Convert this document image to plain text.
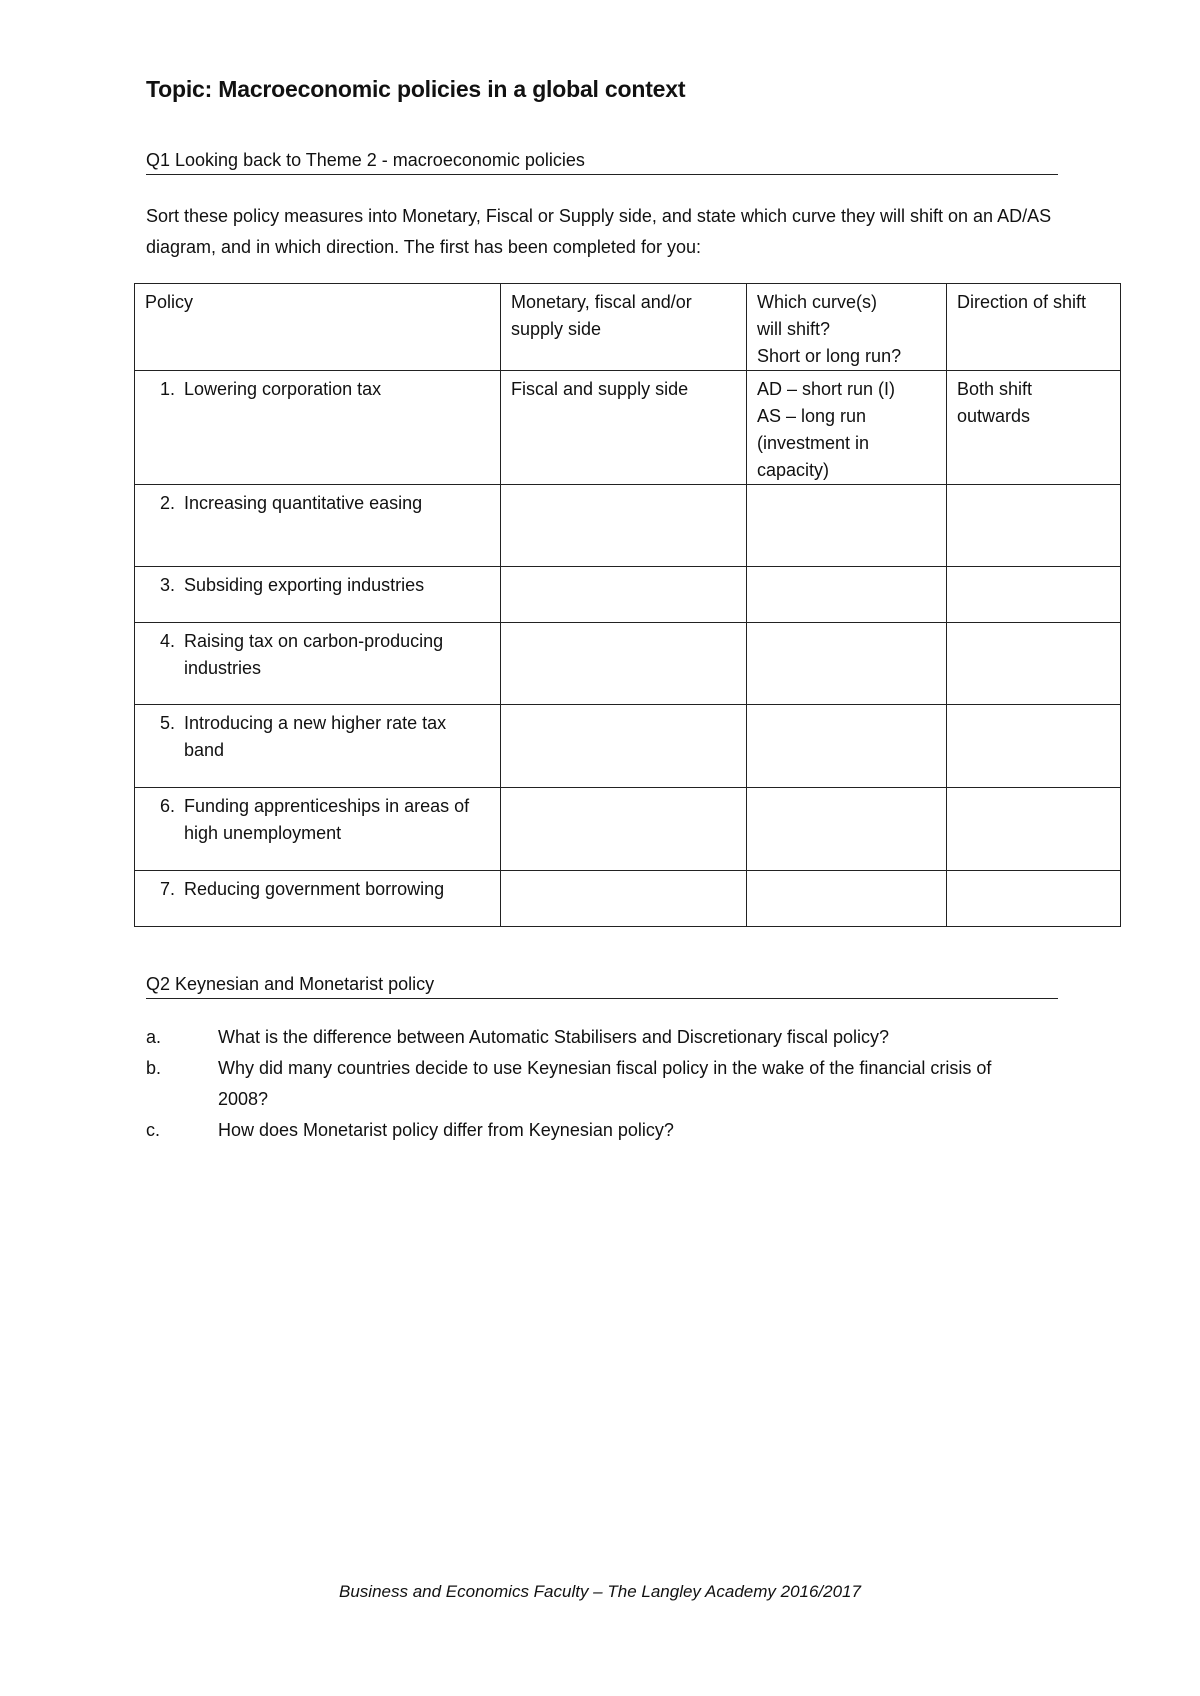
Topic: Macroeconomic policies in a global context
Q1 Looking back to Theme 2 - macroeconomic policies

Sort these policy measures into Monetary, Fiscal or Supply side, and state which curve they will shift on an AD/AS diagram, and in which direction. The first has been completed for you:

Policy	Monetary, fiscal and/or supply side	Which curve(s)
will shift?
Short or long run?	Direction of shift
1. Lowering corporation tax	Fiscal and supply side	AD – short run (I)
AS – long run
(investment in
capacity)	Both shift
outwards
2. Increasing quantitative easing			
3. Subsiding exporting industries			
4. Raising tax on carbon-producing industries			
5. Introducing a new higher rate tax band			
6. Funding apprenticeships in areas of high unemployment			
7. Reducing government borrowing			
Q2 Keynesian and Monetarist policy
a.	What is the difference between Automatic Stabilisers and Discretionary fiscal policy?
b.	Why did many countries decide to use Keynesian fiscal policy in the wake of the financial crisis of 2008?
c.	How does Monetarist policy differ from Keynesian policy?
Business and Economics Faculty – The Langley Academy 2016/2017
